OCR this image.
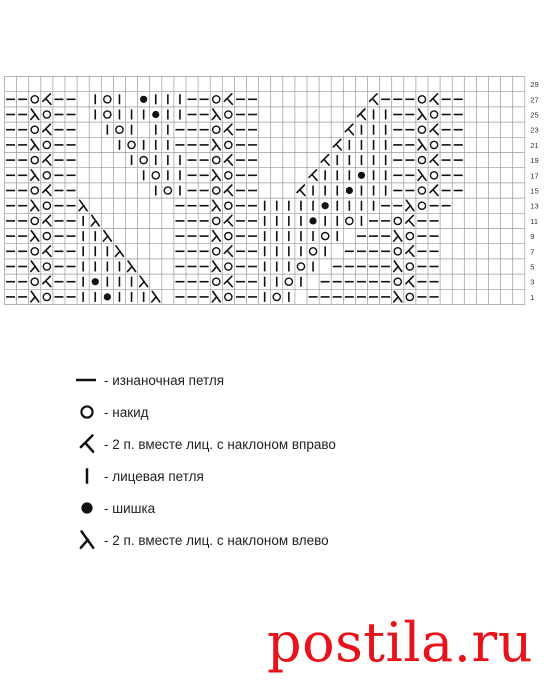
29
27
25
23
21
19
17
15
13
11
9
7
5
3
1
- изнаночная петля
- накид
- 2 п. вместе лиц. с наклоном вправо
- лицевая петля
- шишка
- 2 п. вместе лиц. с наклоном влево
postila.ru
